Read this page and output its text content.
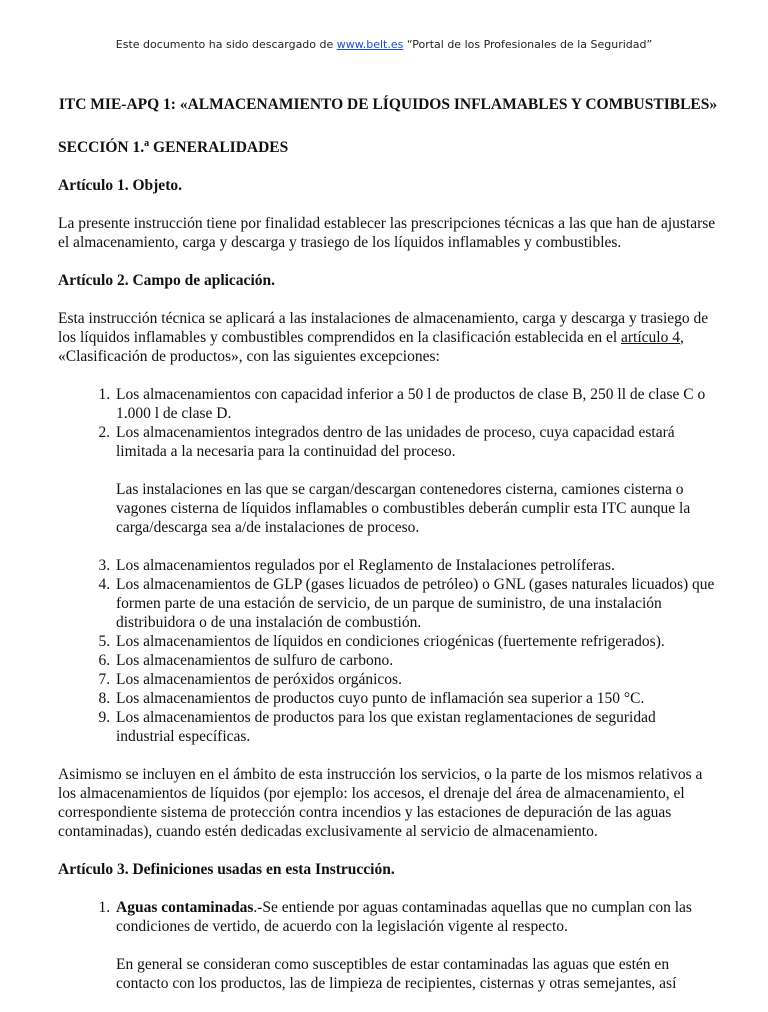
Este documento ha sido descargado de www.belt.es “Portal de los Profesionales de la Seguridad”
ITC MIE-APQ 1: «ALMACENAMIENTO DE LÍQUIDOS INFLAMABLES Y COMBUSTIBLES»
SECCIÓN 1.$^a$ GENERALIDADES
Artículo 1. Objeto.

La presente instrucción tiene por finalidad establecer las prescripciones técnicas a las que han de ajustarse el almacenamiento, carga y descarga y trasiego de los líquidos inflamables y combustibles.

Artículo 2. Campo de aplicación.

Esta instrucción técnica se aplicará a las instalaciones de almacenamiento, carga y descarga y trasiego de los líquidos inflamables y combustibles comprendidos en la clasificación establecida en el artículo 4, «Clasificación de productos», con las siguientes excepciones:

1. Los almacenamientos con capacidad inferior a 50 l de productos de clase B, 250 ll de clase C o 1.000 l de clase D.
2. Los almacenamientos integrados dentro de las unidades de proceso, cuya capacidad estará limitada a la necesaria para la continuidad del proceso.
Las instalaciones en las que se cargan/descargan contenedores cisterna, camiones cisterna o vagones cisterna de líquidos inflamables o combustibles deberán cumplir esta ITC aunque la carga/descarga sea a/de instalaciones de proceso.
3. Los almacenamientos regulados por el Reglamento de Instalaciones petrolíferas.
4. Los almacenamientos de GLP (gases licuados de petróleo) o GNL (gases naturales licuados) que formen parte de una estación de servicio, de un parque de suministro, de una instalación distribuidora o de una instalación de combustión.
5. Los almacenamientos de líquidos en condiciones criogénicas (fuertemente refrigerados).
6. Los almacenamientos de sulfuro de carbono.
7. Los almacenamientos de peróxidos orgánicos.
8. Los almacenamientos de productos cuyo punto de inflamación sea superior a 150 °C.
9. Los almacenamientos de productos para los que existan reglamentaciones de seguridad industrial específicas.

Asimismo se incluyen en el ámbito de esta instrucción los servicios, o la parte de los mismos relativos a los almacenamientos de líquidos (por ejemplo: los accesos, el drenaje del área de almacenamiento, el correspondiente sistema de protección contra incendios y las estaciones de depuración de las aguas contaminadas), cuando estén dedicadas exclusivamente al servicio de almacenamiento.

Artículo 3. Definiciones usadas en esta Instrucción.
1. Aguas contaminadas.-Se entiende por aguas contaminadas aquellas que no cumplan con las condiciones de vertido, de acuerdo con la legislación vigente al respecto.
En general se consideran como susceptibles de estar contaminadas las aguas que estén en contacto con los productos, las de limpieza de recipientes, cisternas y otras semejantes, así
